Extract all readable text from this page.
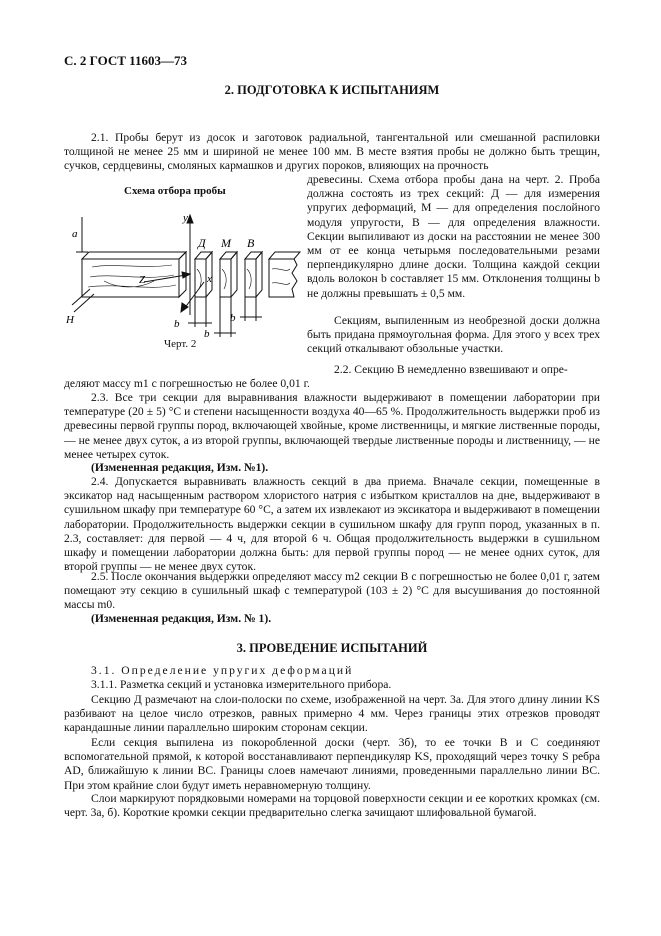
С. 2 ГОСТ 11603—73
2. ПОДГОТОВКА К ИСПЫТАНИЯМ

2.1. Пробы берут из досок и заготовок радиальной, тангентальной или смешанной распиловки толщиной не менее 25 мм и шириной не менее 100 мм. В месте взятия пробы не должно быть трещин, сучков, сердцевины, смоляных кармашков и других пороков, влияющих на прочность

Схема отбора пробы
y
Д М В
a
Z	x
H	b
b
b
Черт. 2

древесины. Схема отбора пробы дана на черт. 2. Проба должна состоять из трех секций: Д — для измерения упругих деформаций, М — для определения послойного модуля упругости, В — для определения влажности. Секции выпиливают из доски на расстоянии не менее 300 мм от ее конца четырьмя последовательными резами перпендикулярно длине доски. Толщина каждой секции вдоль волокон b составляет 15 мм. Отклонения толщины b не должны превышать ± 0,5 мм.

Секциям, выпиленным из необрезной доски должна быть придана прямоугольная форма. Для этого у всех трех секций откалывают обзольные участки.

2.2. Секцию В немедленно взвешивают и опре-

деляют массу m1 с погрешностью не более 0,01 г.

2.3. Все три секции для выравнивания влажности выдерживают в помещении лаборатории при температуре (20 ± 5) °С и степени насыщенности воздуха 40—65 %. Продолжительность выдержки проб из древесины первой группы пород, включающей хвойные, кроме лиственницы, и мягкие лиственные породы, — не менее двух суток, а из второй группы, включающей твердые лиственные породы и лиственницу, — не менее четырех суток.

(Измененная редакция, Изм. №1).

2.4. Допускается выравнивать влажность секций в два приема. Вначале секции, помещенные в эксикатор над насыщенным раствором хлористого натрия с избытком кристаллов на дне, выдерживают в сушильном шкафу при температуре 60 °С, а затем их извлекают из эксикатора и выдерживают в помещении лаборатории. Продолжительность выдержки секции в сушильном шкафу для групп пород, указанных в п. 2.3, составляет: для первой — 4 ч, для второй 6 ч. Общая продолжительность выдержки в сушильном шкафу и помещении лаборатории должна быть: для первой группы пород — не менее одних суток, для второй группы — не менее двух суток.

2.5. После окончания выдержки определяют массу m2 секции В с погрешностью не более 0,01 г, затем помещают эту секцию в сушильный шкаф с температурой (103 ± 2) °С для высушивания до постоянной массы m0.

(Измененная редакция, Изм. № 1).

3. ПРОВЕДЕНИЕ ИСПЫТАНИЙ

3.1. Определение упругих деформаций

3.1.1. Разметка секций и установка измерительного прибора.

Секцию Д размечают на слои-полоски по схеме, изображенной на черт. 3а. Для этого длину линии KS разбивают на целое число отрезков, равных примерно 4 мм. Через границы этих отрезков проводят карандашные линии параллельно широким сторонам секции.

Если секция выпилена из покоробленной доски (черт. 3б), то ее точки В и С соединяют вспомогательной прямой, к которой восстанавливают перпендикуляр KS, проходящий через точку S ребра AD, ближайшую к линии ВС. Границы слоев намечают линиями, проведенными параллельно линии ВС. При этом крайние слои будут иметь неравномерную толщину.

Слои маркируют порядковыми номерами на торцовой поверхности секции и ее коротких кромках (см. черт. 3а, б). Короткие кромки секции предварительно слегка зачищают шлифовальной бумагой.
